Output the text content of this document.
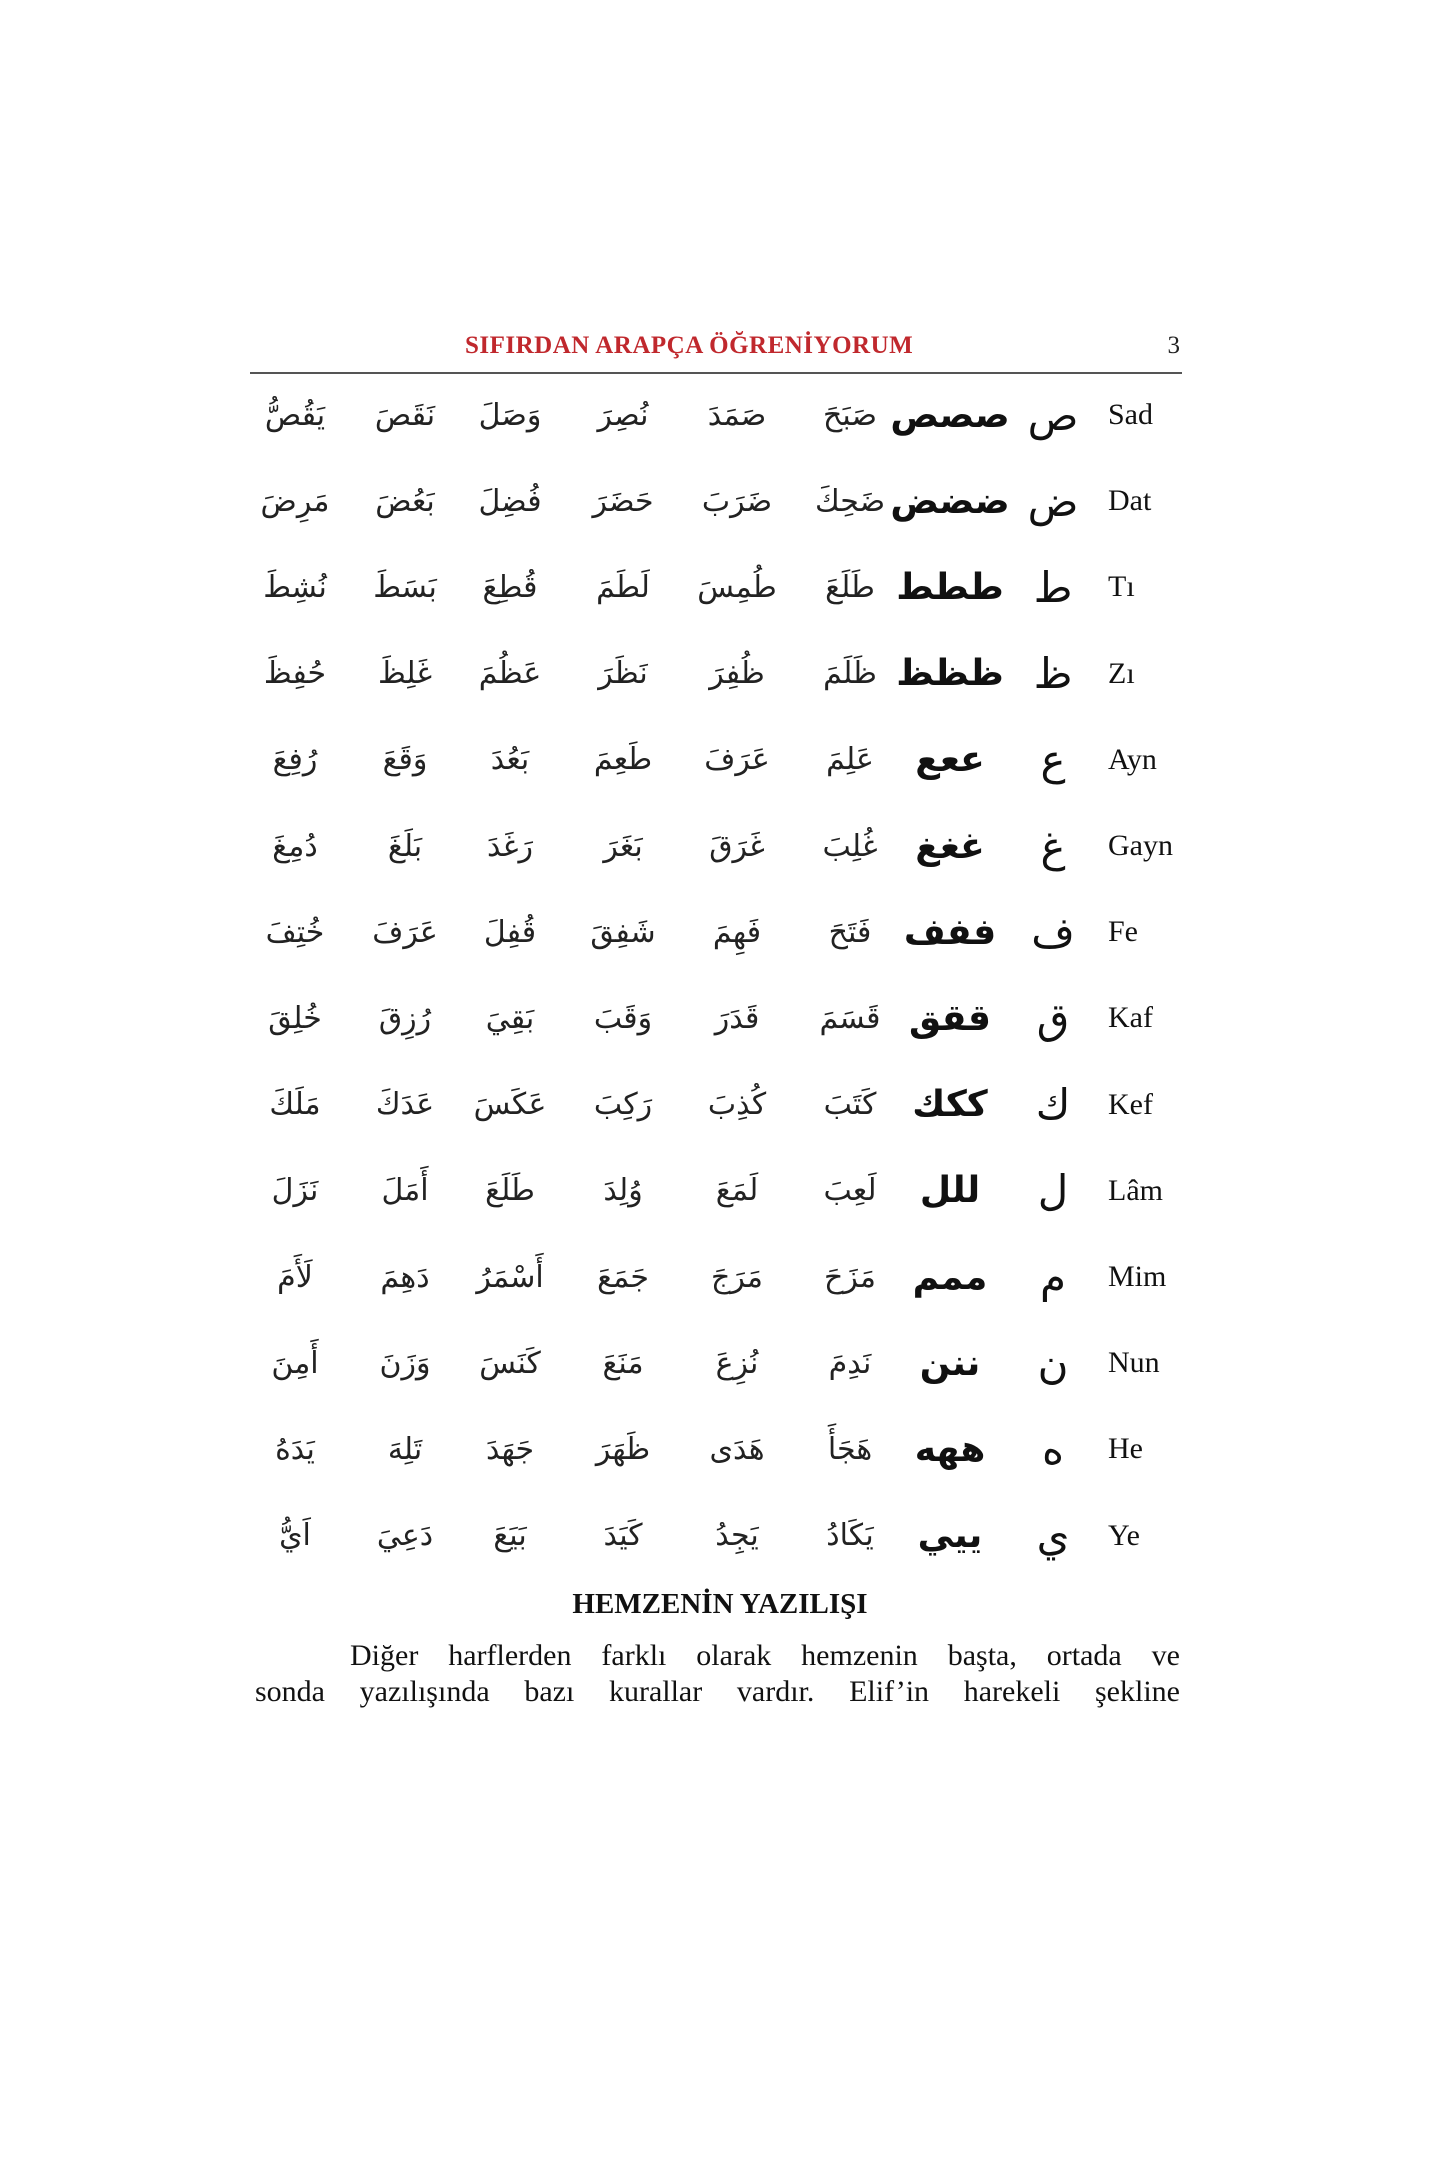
SIFIRDAN ARAPÇA ÖĞRENİYORUM	3
Sad
ص
صصص
صَبَحَ
صَمَدَ
نُصِرَ
وَصَلَ
نَقَصَ
يَقُصُّ
Dat
ض
ضضض
ضَحِكَ
ضَرَبَ
حَضَرَ
فُضِلَ
بَعُضَ
مَرِضَ
Tı
ط
ططط
طَلَعَ
طُمِسَ
لَطَمَ
قُطِعَ
بَسَطَ
نُشِطَ
Zı
ظ
ظظظ
ظَلَمَ
ظُفِرَ
نَظَرَ
عَظُمَ
غَلِظَ
حُفِظَ
Ayn
ع
ععع
عَلِمَ
عَرَفَ
طَعِمَ
بَعُدَ
وَقَعَ
رُفِعَ
Gayn
غ
غغغ
غُلِبَ
غَرَقَ
بَغَرَ
رَغَدَ
بَلَغَ
دُمِغَ
Fe
ف
ففف
فَتَحَ
فَهِمَ
شَفِقَ
قُفِلَ
عَرَفَ
خُتِفَ
Kaf
ق
ققق
قَسَمَ
قَدَرَ
وَقَبَ
بَقِيَ
رُزِقَ
خُلِقَ
Kef
ك
ككك
كَتَبَ
كُذِبَ
رَكِبَ
عَكَسَ
عَدَكَ
مَلَكَ
Lâm
ل
للل
لَعِبَ
لَمَعَ
وُلِدَ
طَلَعَ
أَمَلَ
نَزَلَ
Mim
م
ممم
مَزَحَ
مَرَجَ
جَمَعَ
أَسْمَرُ
دَهِمَ
لَأَمَ
Nun
ن
ننن
نَدِمَ
نُزِعَ
مَنَعَ
كَنَسَ
وَزَنَ
أَمِنَ
He
ه
ههه
هَجَأَ
هَدَى
ظَهَرَ
جَهَدَ
تَلِهَ
يَدَهُ
Ye
ي
ييي
يَكَادُ
يَجِدُ
كَيَدَ
بَيَعَ
دَعِيَ
اَيُّ
HEMZENİN YAZILIŞI
Diğer harflerden farklı olarak hemzenin başta, ortada ve
sonda yazılışında bazı kurallar vardır. Elif’in harekeli şekline
